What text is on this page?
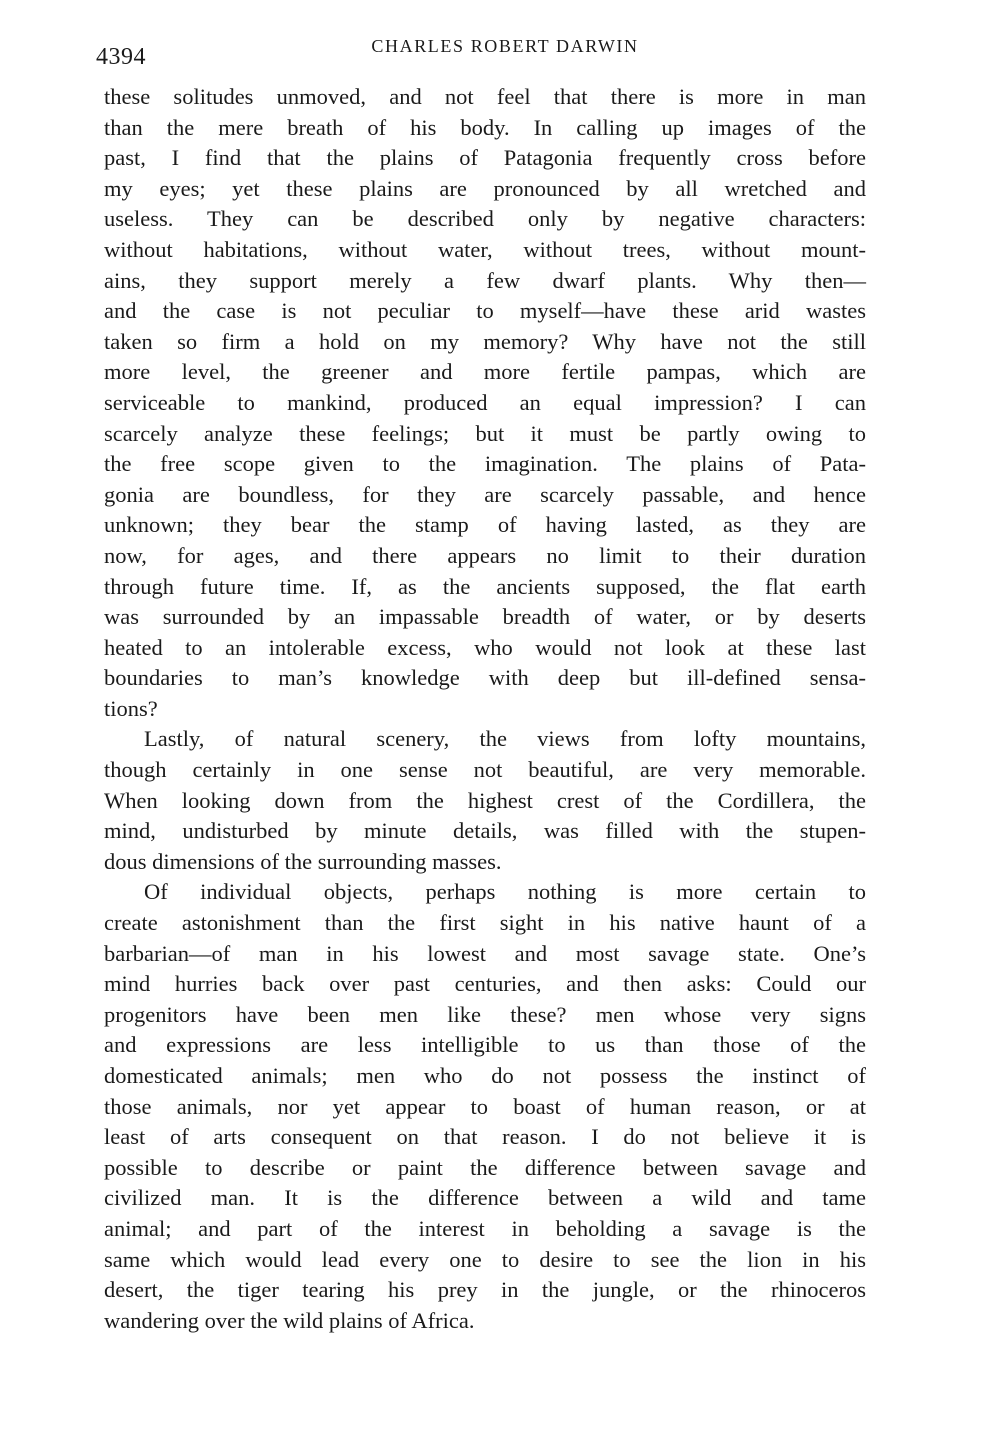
4394	CHARLES ROBERT DARWIN
these solitudes unmoved, and not feel that there is more in man
than the mere breath of his body. In calling up images of the
past, I find that the plains of Patagonia frequently cross before
my eyes; yet these plains are pronounced by all wretched and
useless. They can be described only by negative characters:
without habitations, without water, without trees, without mount-
ains, they support merely a few dwarf plants. Why then—
and the case is not peculiar to myself—have these arid wastes
taken so firm a hold on my memory? Why have not the still
more level, the greener and more fertile pampas, which are
serviceable to mankind, produced an equal impression? I can
scarcely analyze these feelings; but it must be partly owing to
the free scope given to the imagination. The plains of Pata-
gonia are boundless, for they are scarcely passable, and hence
unknown; they bear the stamp of having lasted, as they are
now, for ages, and there appears no limit to their duration
through future time. If, as the ancients supposed, the flat earth
was surrounded by an impassable breadth of water, or by deserts
heated to an intolerable excess, who would not look at these last
boundaries to man’s knowledge with deep but ill-defined sensa-
tions?
Lastly, of natural scenery, the views from lofty mountains,
though certainly in one sense not beautiful, are very memorable.
When looking down from the highest crest of the Cordillera, the
mind, undisturbed by minute details, was filled with the stupen-
dous dimensions of the surrounding masses.
Of individual objects, perhaps nothing is more certain to
create astonishment than the first sight in his native haunt of a
barbarian—of man in his lowest and most savage state. One’s
mind hurries back over past centuries, and then asks: Could our
progenitors have been men like these? men whose very signs
and expressions are less intelligible to us than those of the
domesticated animals; men who do not possess the instinct of
those animals, nor yet appear to boast of human reason, or at
least of arts consequent on that reason. I do not believe it is
possible to describe or paint the difference between savage and
civilized man. It is the difference between a wild and tame
animal; and part of the interest in beholding a savage is the
same which would lead every one to desire to see the lion in his
desert, the tiger tearing his prey in the jungle, or the rhinoceros
wandering over the wild plains of Africa.
